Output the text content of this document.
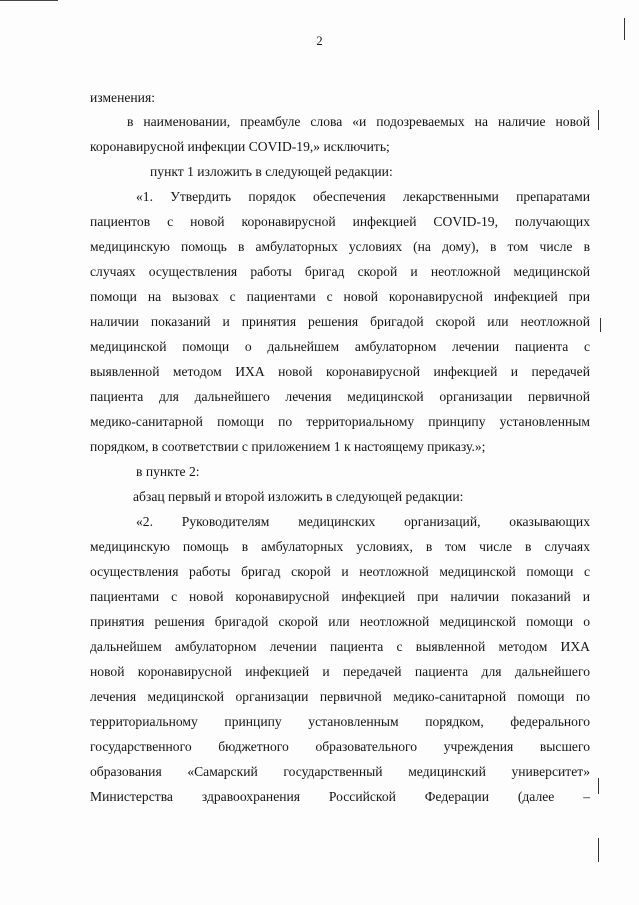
2

изменения:

в наименовании, преамбуле слова «и подозреваемых на наличие новой

коронавирусной инфекции COVID-19,» исключить;

пункт 1 изложить в следующей редакции:

«1. Утвердить порядок обеспечения лекарственными препаратами

пациентов с новой коронавирусной инфекцией COVID-19, получающих

медицинскую помощь в амбулаторных условиях (на дому), в том числе в

случаях осуществления работы бригад скорой и неотложной медицинской

помощи на вызовах с пациентами с новой коронавирусной инфекцией при

наличии показаний и принятия решения бригадой скорой или неотложной

медицинской помощи о дальнейшем амбулаторном лечении пациента с

выявленной методом ИХА новой коронавирусной инфекцией и передачей

пациента для дальнейшего лечения медицинской организации первичной

медико-санитарной помощи по территориальному принципу установленным

порядком, в соответствии с приложением 1 к настоящему приказу.»;

в пункте 2:

абзац первый и второй изложить в следующей редакции:

«2. Руководителям медицинских организаций, оказывающих

медицинскую помощь в амбулаторных условиях, в том числе в случаях

осуществления работы бригад скорой и неотложной медицинской помощи с

пациентами с новой коронавирусной инфекцией при наличии показаний и

принятия решения бригадой скорой или неотложной медицинской помощи о

дальнейшем амбулаторном лечении пациента с выявленной методом ИХА

новой коронавирусной инфекцией и передачей пациента для дальнейшего

лечения медицинской организации первичной медико-санитарной помощи по

территориальному принципу установленным порядком, федерального

государственного бюджетного образовательного учреждения высшего

образования «Самарский государственный медицинский университет»

Министерства здравоохранения Российской Федерации (далее –
